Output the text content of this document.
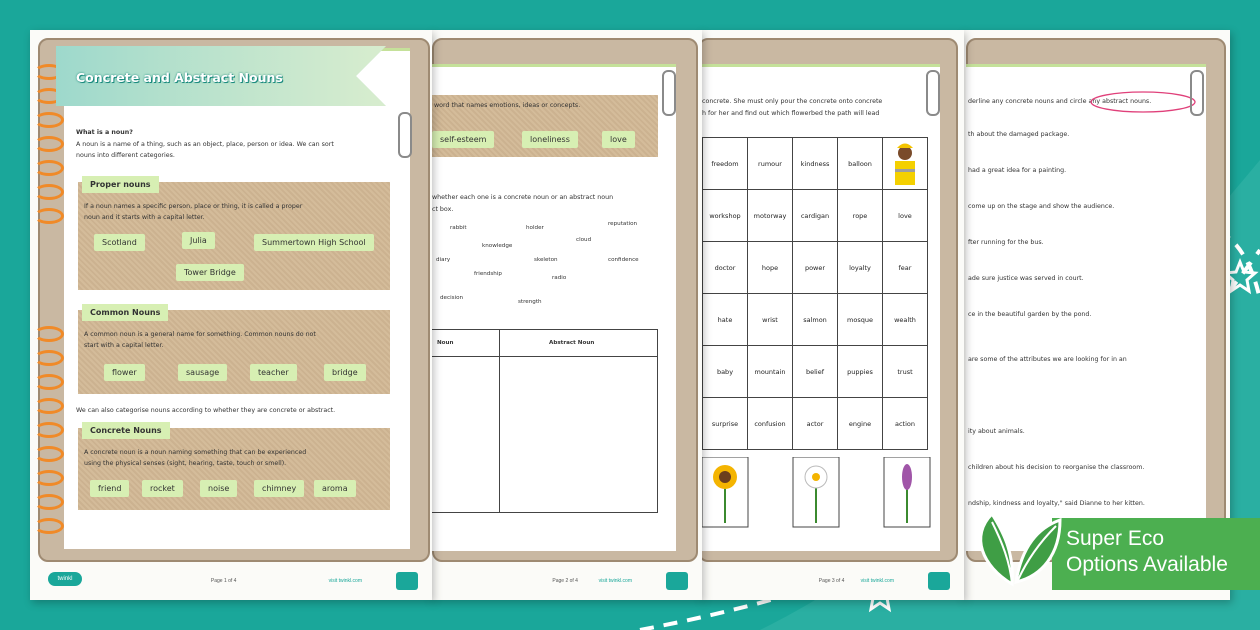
derline any concrete nouns and circle any abstract nouns.
th about the damaged package.
had a great idea for a painting.
come up on the stage and show the audience.
fter running for the bus.
ade sure justice was served in court.
ce in the beautiful garden by the pond.
are some of the attributes we are looking for in an
ity about animals.
children about his decision to reorganise the classroom.
ndship, kindness and loyalty," said Dianne to her kitten.
concrete. She must only pour the concrete onto concrete
h for her and find out which flowerbed the path will lead
freedom	rumour	kindness	balloon	
workshop	motorway	cardigan	rope	love
doctor	hope	power	loyalty	fear
hate	wrist	salmon	mosque	wealth
baby	mountain	belief	puppies	trust
surprise	confusion	actor	engine	action
Page 3 of 4	visit twinkl.com
word that names emotions, ideas or concepts.
self-esteem	loneliness	love
whether each one is a concrete noun or an abstract noun
ct box.
rabbit	holder
reputation
knowledge
cloud
diary	skeleton	confidence
friendship
radio
decision
strength
Noun	Abstract Noun
Page 2 of 4	visit twinkl.com
Concrete and Abstract Nouns
What is a noun?
A noun is a name of a thing, such as an object, place, person or idea. We can sort
nouns into different categories.
Proper nouns
If a noun names a specific person, place or thing, it is called a proper
noun and it starts with a capital letter.
Scotland	Julia	Summertown High School
Tower Bridge
Common Nouns
A common noun is a general name for something. Common nouns do not
start with a capital letter.
flower	sausage	teacher	bridge
We can also categorise nouns according to whether they are concrete or abstract.
Concrete Nouns
A concrete noun is a noun naming something that can be experienced
using the physical senses (sight, hearing, taste, touch or smell).
friend	rocket	noise	chimney	aroma
twinkl	Page 1 of 4	visit twinkl.com
Super Eco
Options Available
